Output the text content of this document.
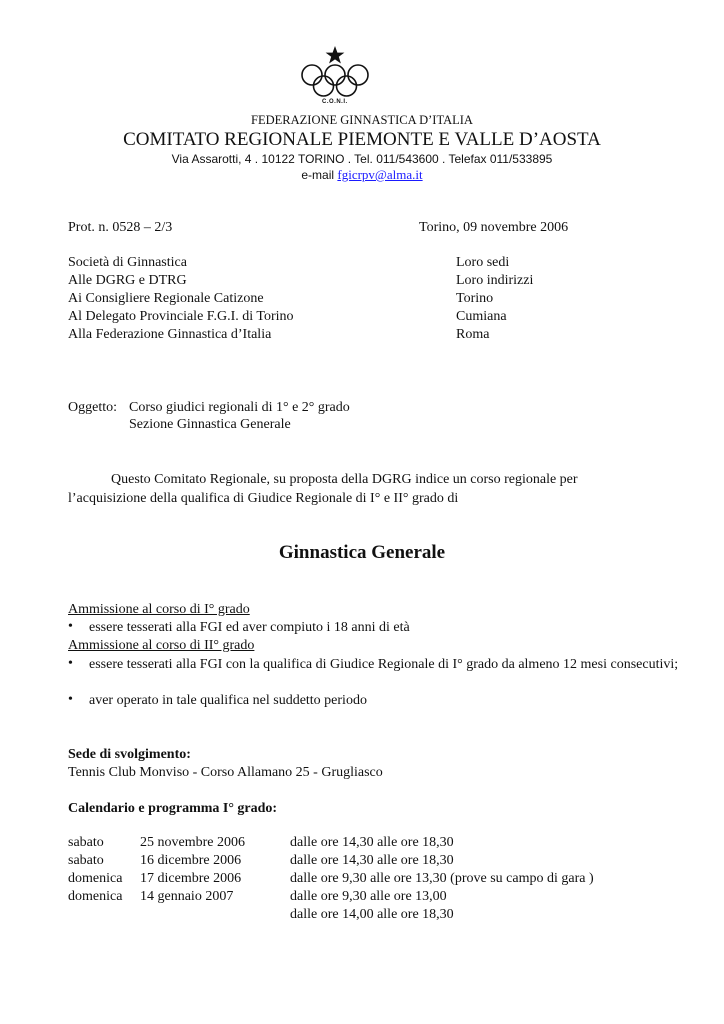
C.O.N.I.
FEDERAZIONE GINNASTICA D’ITALIA
COMITATO REGIONALE PIEMONTE E VALLE D’AOSTA
Via Assarotti, 4 . 10122 TORINO . Tel. 011/543600 . Telefax 011/533895
e-mail fgicrpv@alma.it
Prot. n. 0528 – 2/3	Torino, 09 novembre 2006
Società di Ginnastica	Loro sedi
Alle DGRG e DTRG	Loro indirizzi
Ai Consigliere Regionale Catizone	Torino
Al Delegato Provinciale F.G.I. di Torino	Cumiana
Alla Federazione Ginnastica d’Italia	Roma
Oggetto: Corso giudici regionali di 1° e 2° grado
Sezione Ginnastica Generale

Questo Comitato Regionale, su proposta della DGRG indice un corso regionale per l’acquisizione della qualifica di Giudice Regionale di I° e II° grado di

Ginnastica Generale
Ammissione al corso di I° grado
• essere tesserati alla FGI ed aver compiuto i 18 anni di età
Ammissione al corso di II° grado
• essere tesserati alla FGI con la qualifica di Giudice Regionale di I° grado da almeno 12 mesi consecutivi;
• aver operato in tale qualifica nel suddetto periodo
Sede di svolgimento:
Tennis Club Monviso - Corso Allamano 25 - Grugliasco
Calendario e programma I° grado:
sabato	25 novembre 2006	dalle ore 14,30 alle ore 18,30
sabato	16 dicembre 2006	dalle ore 14,30 alle ore 18,30
domenica 17 dicembre 2006	dalle ore 9,30 alle ore 13,30 (prove su campo di gara )
domenica 14 gennaio 2007	dalle ore 9,30 alle ore 13,00
dalle ore 14,00 alle ore 18,30
